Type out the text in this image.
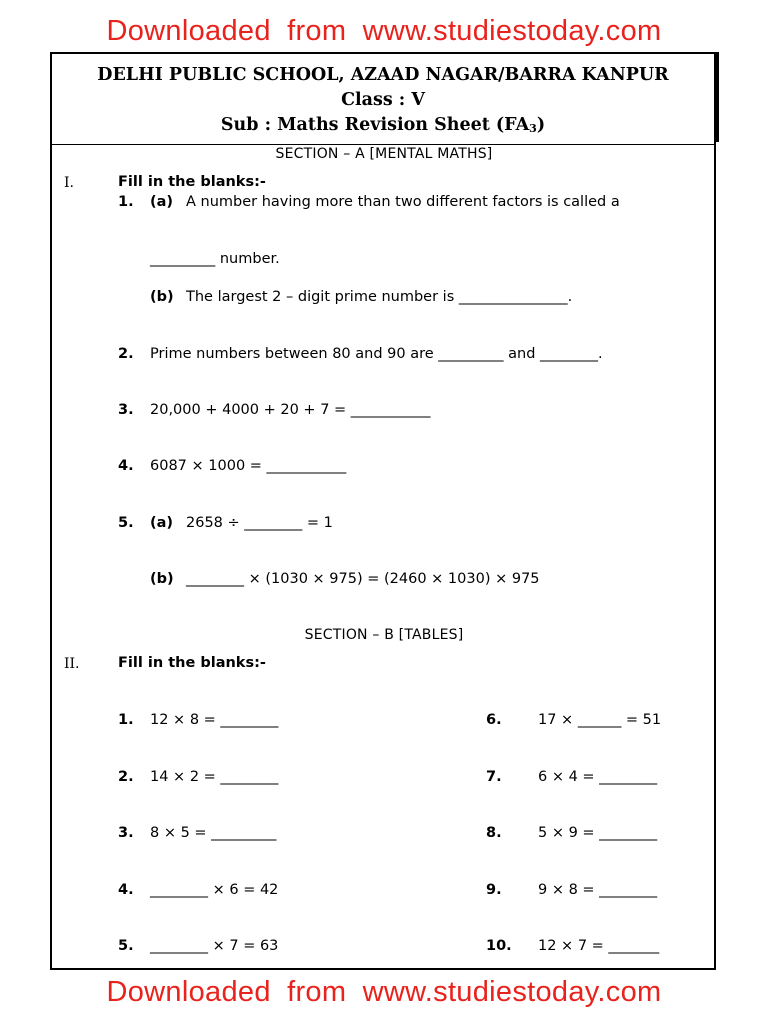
Downloaded from www.studiestoday.com
DELHI PUBLIC SCHOOL, AZAAD NAGAR/BARRA KANPUR
Class : V
Sub : Maths Revision Sheet $(FA_3)$
SECTION – A [MENTAL MATHS]
I.	Fill in the blanks:-
1. (a) A number having more than two different factors is called a
_________ number.
(b) The largest 2 – digit prime number is _______________.
2. Prime numbers between 80 and 90 are _________ and ________.
3. 20,000 + 4000 + 20 + 7 = ___________
4. 6087 × 1000 = ___________
5. (a) 2658 ÷ ________ = 1
(b) ________ × (1030 × 975) = (2460 × 1030) × 975
SECTION – B [TABLES]
II.	Fill in the blanks:-
1. 12 × 8 = ________	6.	17 × ______ = 51
2. 14 × 2 = ________	7.	6 × 4 = ________
3. 8 × 5 = _________	8.	5 × 9 = ________
4. ________ × 6 = 42	9.	9 × 8 = ________
5. ________ × 7 = 63	10. 12 × 7 = _______
Downloaded from www.studiestoday.com
